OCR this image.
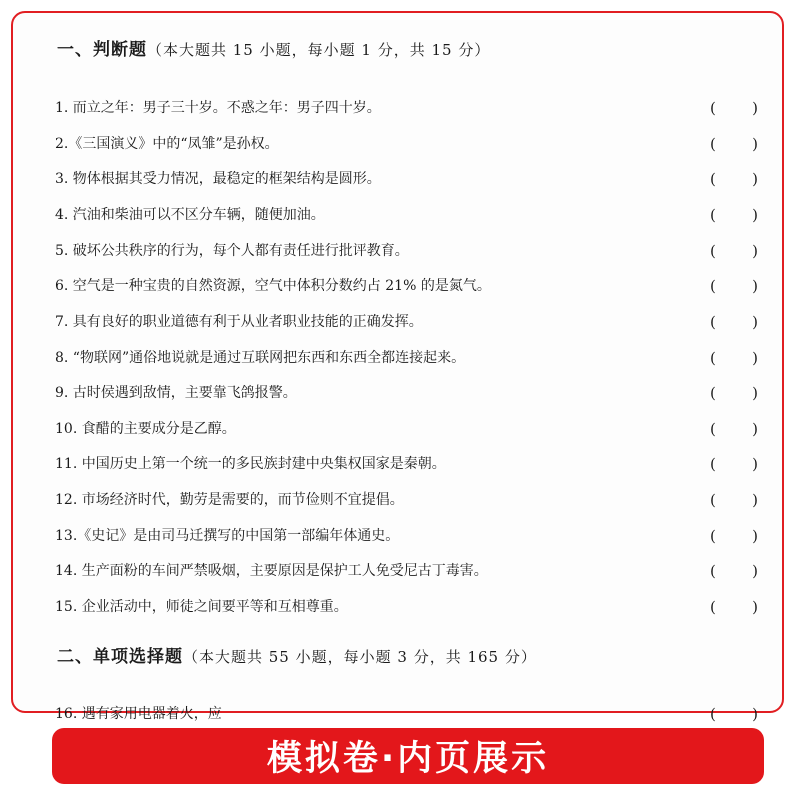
一、判断题（本大题共 15 小题，每小题 1 分，共 15 分）
1. 而立之年：男子三十岁。不惑之年：男子四十岁。	( )
2.《三国演义》中的“凤雏”是孙权。	( )
3. 物体根据其受力情况，最稳定的框架结构是圆形。	( )
4. 汽油和柴油可以不区分车辆，随便加油。	( )
5. 破坏公共秩序的行为，每个人都有责任进行批评教育。	( )
6. 空气是一种宝贵的自然资源，空气中体积分数约占 21% 的是氮气。	( )
7. 具有良好的职业道德有利于从业者职业技能的正确发挥。	( )
8. “物联网”通俗地说就是通过互联网把东西和东西全都连接起来。	( )
9. 古时侯遇到敌情，主要靠飞鸽报警。	( )
10. 食醋的主要成分是乙醇。	( )
11. 中国历史上第一个统一的多民族封建中央集权国家是秦朝。	( )
12. 市场经济时代，勤劳是需要的，而节俭则不宜提倡。	( )
13.《史记》是由司马迁撰写的中国第一部编年体通史。	( )
14. 生产面粉的车间严禁吸烟，主要原因是保护工人免受尼古丁毒害。	( )
15. 企业活动中，师徒之间要平等和互相尊重。	( )
16. 遇有家用电器着火，应	( )
二、单项选择题（本大题共 55 小题，每小题 3 分，共 165 分）
模拟卷·内页展示
